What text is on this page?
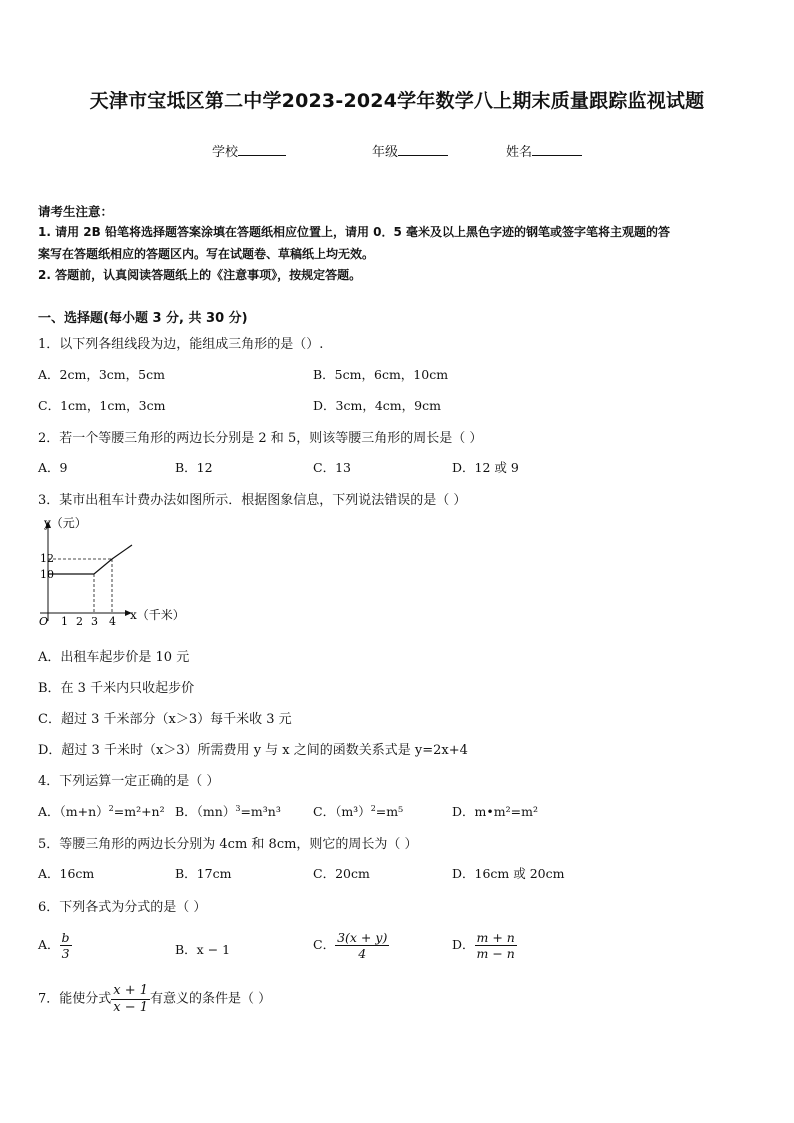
天津市宝坻区第二中学2023-2024学年数学八上期末质量跟踪监视试题
学校	年级	姓名
请考生注意：
1. 请用 2B 铅笔将选择题答案涂填在答题纸相应位置上，请用 0．5 毫米及以上黑色字迹的钢笔或签字笔将主观题的答
案写在答题纸相应的答题区内。写在试题卷、草稿纸上均无效。
2. 答题前，认真阅读答题纸上的《注意事项》，按规定答题。
一、选择题(每小题 3 分, 共 30 分)
1．以下列各组线段为边，能组成三角形的是（）.
A．2cm，3cm，5cm	B．5cm，6cm，10cm
C．1cm，1cm，3cm	D．3cm，4cm，9cm
2．若一个等腰三角形的两边长分别是 2 和 5，则该等腰三角形的周长是（ ）
A．9	B．12	C．13	D．12 或 9
3．某市出租车计费办法如图所示．根据图象信息，下列说法错误的是（ ）
y（元）
x（千米）
12
10
O 1 2 3 4
A．出租车起步价是 10 元
B．在 3 千米内只收起步价
C．超过 3 千米部分（x＞3）每千米收 3 元
D．超过 3 千米时（x＞3）所需费用 y 与 x 之间的函数关系式是 y=2x+4
4．下列运算一定正确的是（ ）
A．$(m+n)^2=m^2+n^2$ B．（mn）$^3$=m³n³	C．$(m^3)^2=m^5$	D．m•m²=m²
5．等腰三角形的两边长分别为 4cm 和 8cm，则它的周长为（ ）
A．16cm	B．17cm	C．20cm	D．16cm 或 20cm
6．下列各式为分式的是（ ）
A． $\frac{b}{3}$	B．x − 1	C． $\frac{3(x + y)}{4}$	D． $\frac{m + n}{m - n}$
7．能使分式 $\frac{x + 1}{x - 1}$ 有意义的条件是（ ）
